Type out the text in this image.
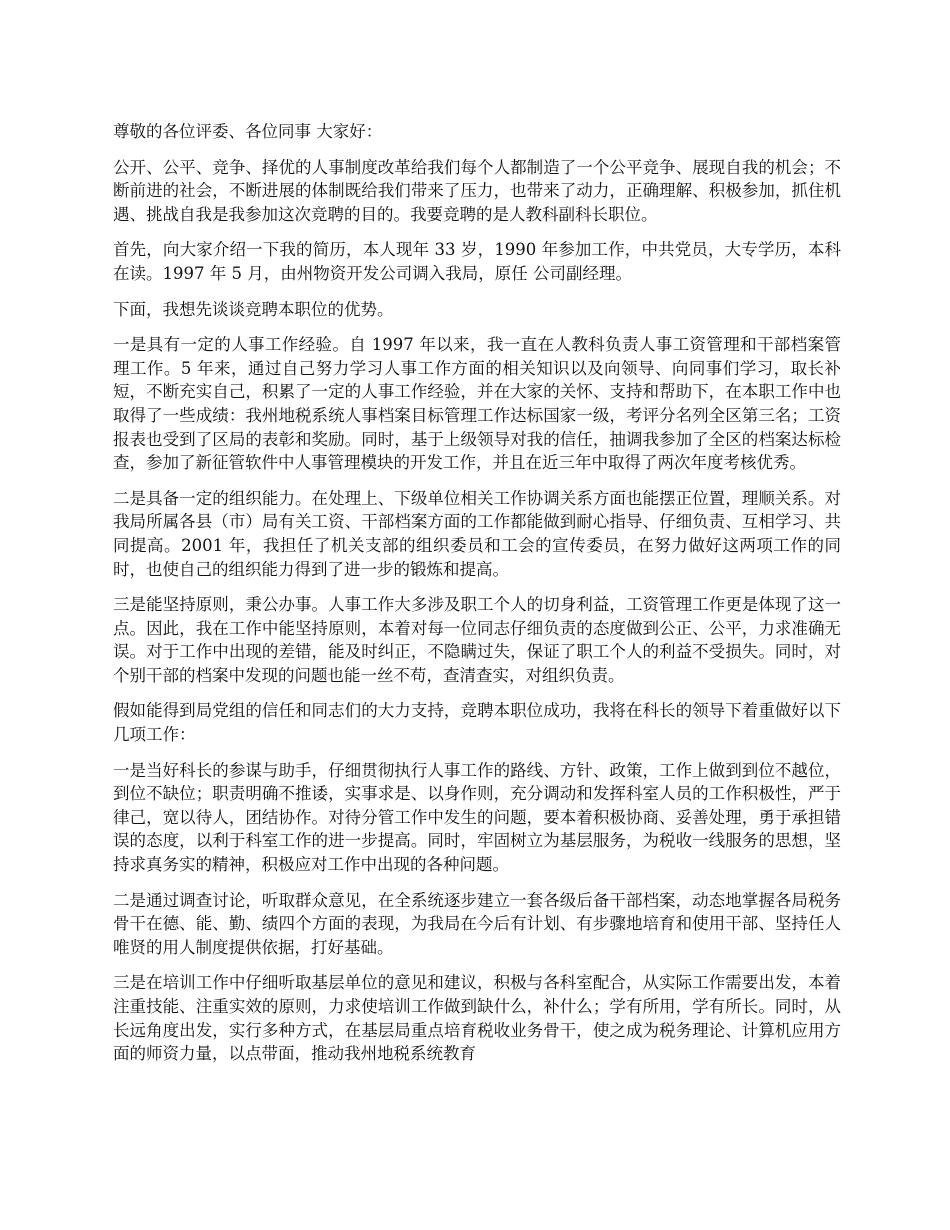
尊敬的各位评委、各位同事 大家好：

公开、公平、竞争、择优的人事制度改革给我们每个人都制造了一个公平竞争、展现自我的机会；不断前进的社会，不断进展的体制既给我们带来了压力，也带来了动力，正确理解、积极参加，抓住机遇、挑战自我是我参加这次竞聘的目的。我要竞聘的是人教科副科长职位。

首先，向大家介绍一下我的简历，本人现年 33 岁，1990 年参加工作，中共党员，大专学历，本科在读。1997 年 5 月，由州物资开发公司调入我局，原任 公司副经理。

下面，我想先谈谈竞聘本职位的优势。

一是具有一定的人事工作经验。自 1997 年以来，我一直在人教科负责人事工资管理和干部档案管理工作。5 年来，通过自己努力学习人事工作方面的相关知识以及向领导、向同事们学习，取长补短，不断充实自己，积累了一定的人事工作经验，并在大家的关怀、支持和帮助下，在本职工作中也取得了一些成绩：我州地税系统人事档案目标管理工作达标国家一级，考评分名列全区第三名；工资报表也受到了区局的表彰和奖励。同时，基于上级领导对我的信任，抽调我参加了全区的档案达标检查，参加了新征管软件中人事管理模块的开发工作，并且在近三年中取得了两次年度考核优秀。

二是具备一定的组织能力。在处理上、下级单位相关工作协调关系方面也能摆正位置，理顺关系。对我局所属各县（市）局有关工资、干部档案方面的工作都能做到耐心指导、仔细负责、互相学习、共同提高。2001 年，我担任了机关支部的组织委员和工会的宣传委员，在努力做好这两项工作的同时，也使自己的组织能力得到了进一步的锻炼和提高。

三是能坚持原则，秉公办事。人事工作大多涉及职工个人的切身利益，工资管理工作更是体现了这一点。因此，我在工作中能坚持原则，本着对每一位同志仔细负责的态度做到公正、公平，力求准确无误。对于工作中出现的差错，能及时纠正，不隐瞒过失，保证了职工个人的利益不受损失。同时，对个别干部的档案中发现的问题也能一丝不苟，查清查实，对组织负责。

假如能得到局党组的信任和同志们的大力支持，竞聘本职位成功，我将在科长的领导下着重做好以下几项工作：

一是当好科长的参谋与助手，仔细贯彻执行人事工作的路线、方针、政策，工作上做到到位不越位，到位不缺位；职责明确不推诿，实事求是、以身作则，充分调动和发挥科室人员的工作积极性，严于律己，宽以待人，团结协作。对待分管工作中发生的问题，要本着积极协商、妥善处理，勇于承担错误的态度，以利于科室工作的进一步提高。同时，牢固树立为基层服务，为税收一线服务的思想，坚持求真务实的精神，积极应对工作中出现的各种问题。

二是通过调查讨论，听取群众意见，在全系统逐步建立一套各级后备干部档案，动态地掌握各局税务骨干在德、能、勤、绩四个方面的表现，为我局在今后有计划、有步骤地培育和使用干部、坚持任人唯贤的用人制度提供依据，打好基础。

三是在培训工作中仔细听取基层单位的意见和建议，积极与各科室配合，从实际工作需要出发，本着注重技能、注重实效的原则，力求使培训工作做到缺什么，补什么；学有所用，学有所长。同时，从长远角度出发，实行多种方式，在基层局重点培育税收业务骨干，使之成为税务理论、计算机应用方面的师资力量，以点带面，推动我州地税系统教育
